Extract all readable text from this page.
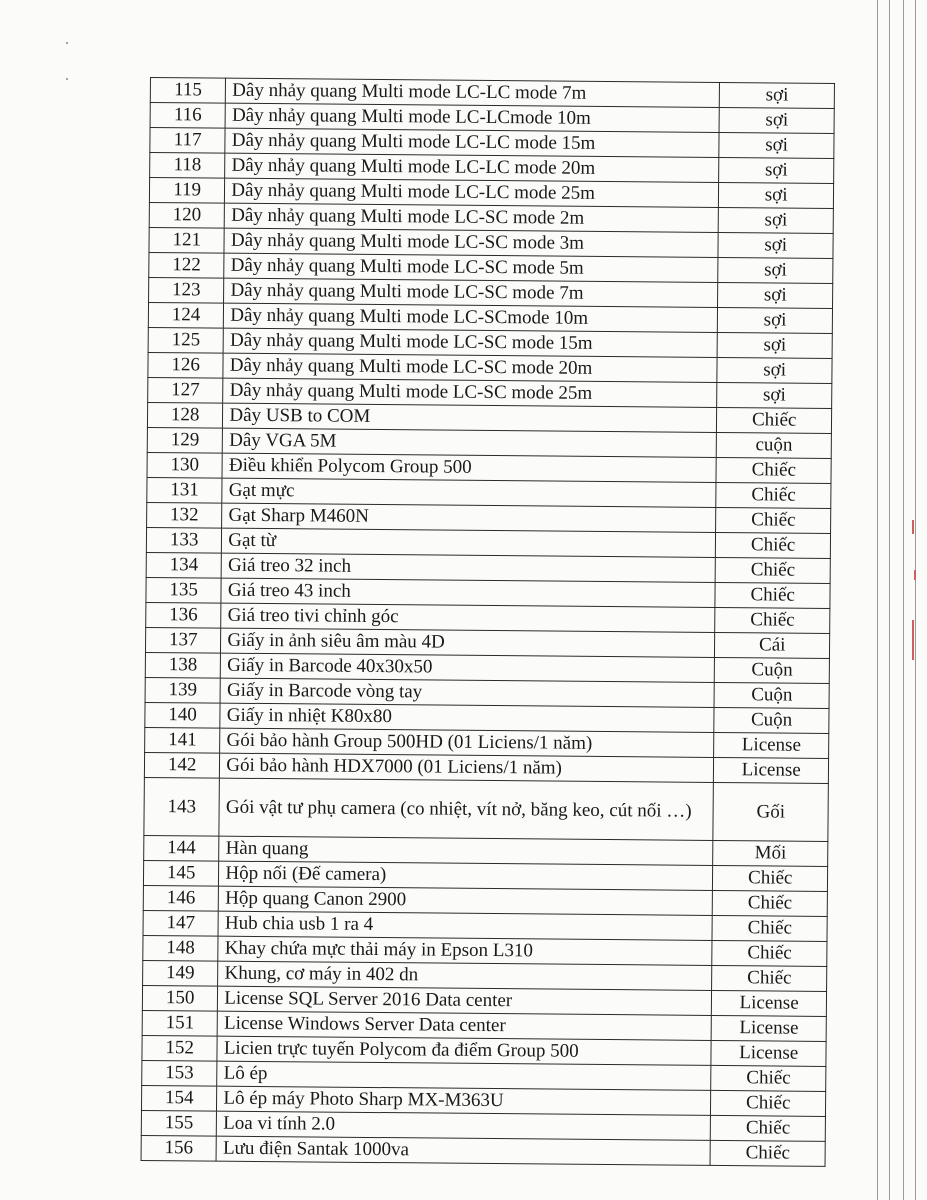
115	Dây nhảy quang Multi mode LC-LC mode 7m	sợi
116	Dây nhảy quang Multi mode LC-LCmode 10m	sợi
117	Dây nhảy quang Multi mode LC-LC mode 15m	sợi
118	Dây nhảy quang Multi mode LC-LC mode 20m	sợi
119	Dây nhảy quang Multi mode LC-LC mode 25m	sợi
120	Dây nhảy quang Multi mode LC-SC mode 2m	sợi
121	Dây nhảy quang Multi mode LC-SC mode 3m	sợi
122	Dây nhảy quang Multi mode LC-SC mode 5m	sợi
123	Dây nhảy quang Multi mode LC-SC mode 7m	sợi
124	Dây nhảy quang Multi mode LC-SCmode 10m	sợi
125	Dây nhảy quang Multi mode LC-SC mode 15m	sợi
126	Dây nhảy quang Multi mode LC-SC mode 20m	sợi
127	Dây nhảy quang Multi mode LC-SC mode 25m	sợi
128	Dây USB to COM	Chiếc
129	Dây VGA 5M	cuộn
130	Điều khiển Polycom Group 500	Chiếc
131	Gạt mực	Chiếc
132	Gạt Sharp M460N	Chiếc
133	Gạt từ	Chiếc
134	Giá treo 32 inch	Chiếc
135	Giá treo 43 inch	Chiếc
136	Giá treo tivi chỉnh góc	Chiếc
137	Giấy in ảnh siêu âm màu 4D	Cái
138	Giấy in Barcode 40x30x50	Cuộn
139	Giấy in Barcode vòng tay	Cuộn
140	Giấy in nhiệt K80x80	Cuộn
141	Gói bảo hành Group 500HD (01 Liciens/1 năm)	License
142	Gói bảo hành HDX7000 (01 Liciens/1 năm)	License
143	Gói vật tư phụ camera (co nhiệt, vít nở, băng keo, cút nối …)	Gối
144	Hàn quang	Mối
145	Hộp nối (Đế camera)	Chiếc
146	Hộp quang Canon 2900	Chiếc
147	Hub chia usb 1 ra 4	Chiếc
148	Khay chứa mực thải máy in Epson L310	Chiếc
149	Khung, cơ máy in 402 dn	Chiếc
150	License SQL Server 2016 Data center	License
151	License Windows Server Data center	License
152	Licien trực tuyến Polycom đa điểm Group 500	License
153	Lô ép	Chiếc
154	Lô ép máy Photo Sharp MX-M363U	Chiếc
155	Loa vi tính 2.0	Chiếc
156	Lưu điện Santak 1000va	Chiếc
